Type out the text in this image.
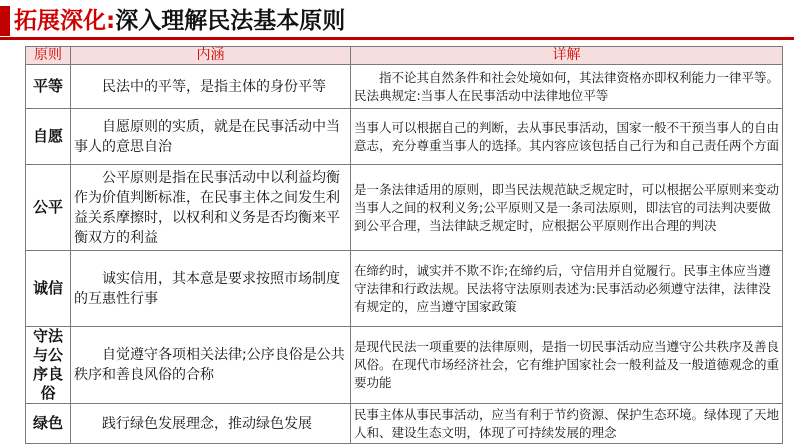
拓展深化:深入理解民法基本原则
原则	内涵	详解
平等	民法中的平等，是指主体的身份平等	指不论其自然条件和社会处境如何，其法律资格亦即权利能力一律平等。民法典规定:当事人在民事活动中法律地位平等
自愿	自愿原则的实质，就是在民事活动中当事人的意思自治	当事人可以根据自己的判断，去从事民事活动，国家一般不干预当事人的自由意志，充分尊重当事人的选择。其内容应该包括自己行为和自己责任两个方面
公平	公平原则是指在民事活动中以利益均衡作为价值判断标准，在民事主体之间发生利益关系摩擦时，以权利和义务是否均衡来平衡双方的利益	是一条法律适用的原则，即当民法规范缺乏规定时，可以根据公平原则来变动当事人之间的权利义务;公平原则又是一条司法原则，即法官的司法判决要做到公平合理，当法律缺乏规定时，应根据公平原则作出合理的判决
诚信	诚实信用，其本意是要求按照市场制度的互惠性行事	在缔约时，诚实并不欺不诈;在缔约后，守信用并自觉履行。民事主体应当遵守法律和行政法规。民法将守法原则表述为:民事活动必须遵守法律，法律没有规定的，应当遵守国家政策
守法与公序良俗	自觉遵守各项相关法律;公序良俗是公共秩序和善良风俗的合称	是现代民法一项重要的法律原则，是指一切民事活动应当遵守公共秩序及善良风俗。在现代市场经济社会，它有维护国家社会一般利益及一般道德观念的重要功能
绿色	践行绿色发展理念，推动绿色发展	民事主体从事民事活动，应当有利于节约资源、保护生态环境。绿体现了天地人和、建设生态文明，体现了可持续发展的理念
